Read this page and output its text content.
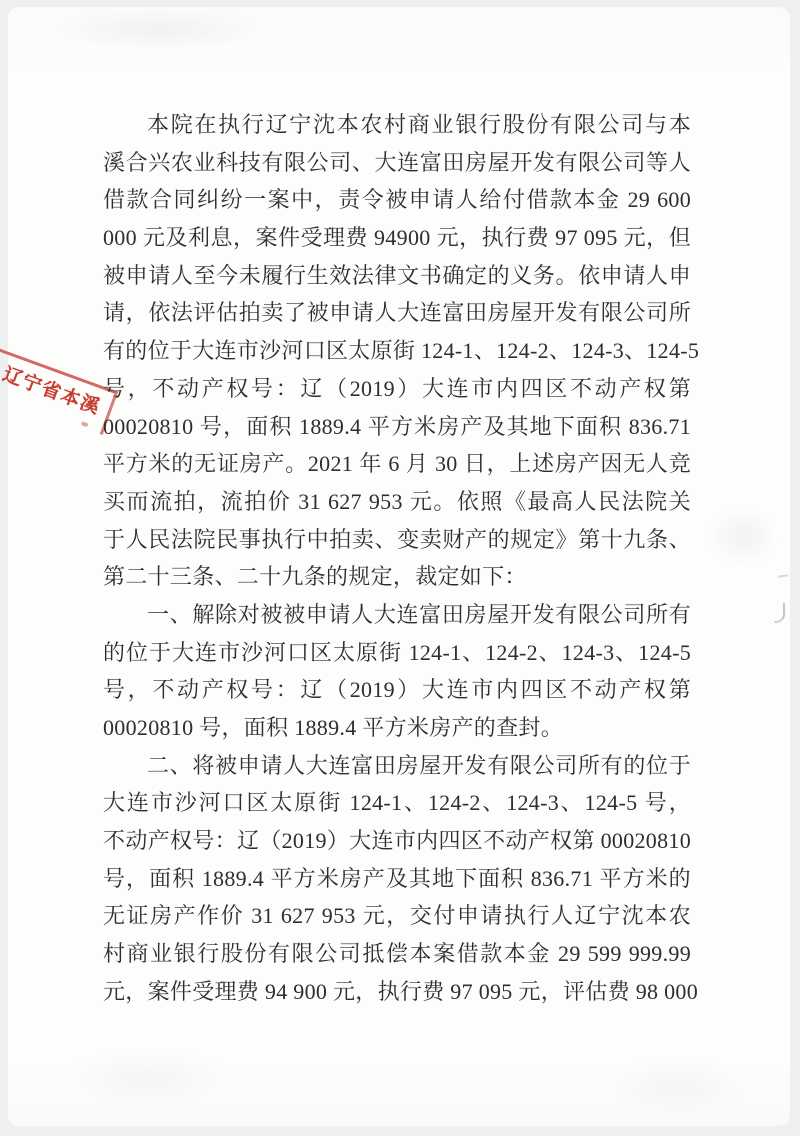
辽宁省本溪
本院在执行辽宁沈本农村商业银行股份有限公司与本
溪合兴农业科技有限公司、大连富田房屋开发有限公司等人
借款合同纠纷一案中，责令被申请人给付借款本金 29 600
000 元及利息，案件受理费 94900 元，执行费 97 095 元，但
被申请人至今未履行生效法律文书确定的义务。依申请人申
请，依法评估拍卖了被申请人大连富田房屋开发有限公司所
有的位于大连市沙河口区太原街 124-1、124-2、124-3、124-5
号，不动产权号：辽（2019）大连市内四区不动产权第
00020810 号，面积 1889.4 平方米房产及其地下面积 836.71
平方米的无证房产。2021 年 6 月 30 日，上述房产因无人竞
买而流拍，流拍价 31 627 953 元。依照《最高人民法院关
于人民法院民事执行中拍卖、变卖财产的规定》第十九条、
第二十三条、二十九条的规定，裁定如下：
一、解除对被被申请人大连富田房屋开发有限公司所有
的位于大连市沙河口区太原街 124-1、124-2、124-3、124-5
号，不动产权号：辽（2019）大连市内四区不动产权第
00020810 号，面积 1889.4 平方米房产的查封。
二、将被申请人大连富田房屋开发有限公司所有的位于
大连市沙河口区太原街 124-1、124-2、124-3、124-5 号，
不动产权号：辽（2019）大连市内四区不动产权第 00020810
号，面积 1889.4 平方米房产及其地下面积 836.71 平方米的
无证房产作价 31 627 953 元，交付申请执行人辽宁沈本农
村商业银行股份有限公司抵偿本案借款本金 29 599 999.99
元，案件受理费 94 900 元，执行费 97 095 元，评估费 98 000
